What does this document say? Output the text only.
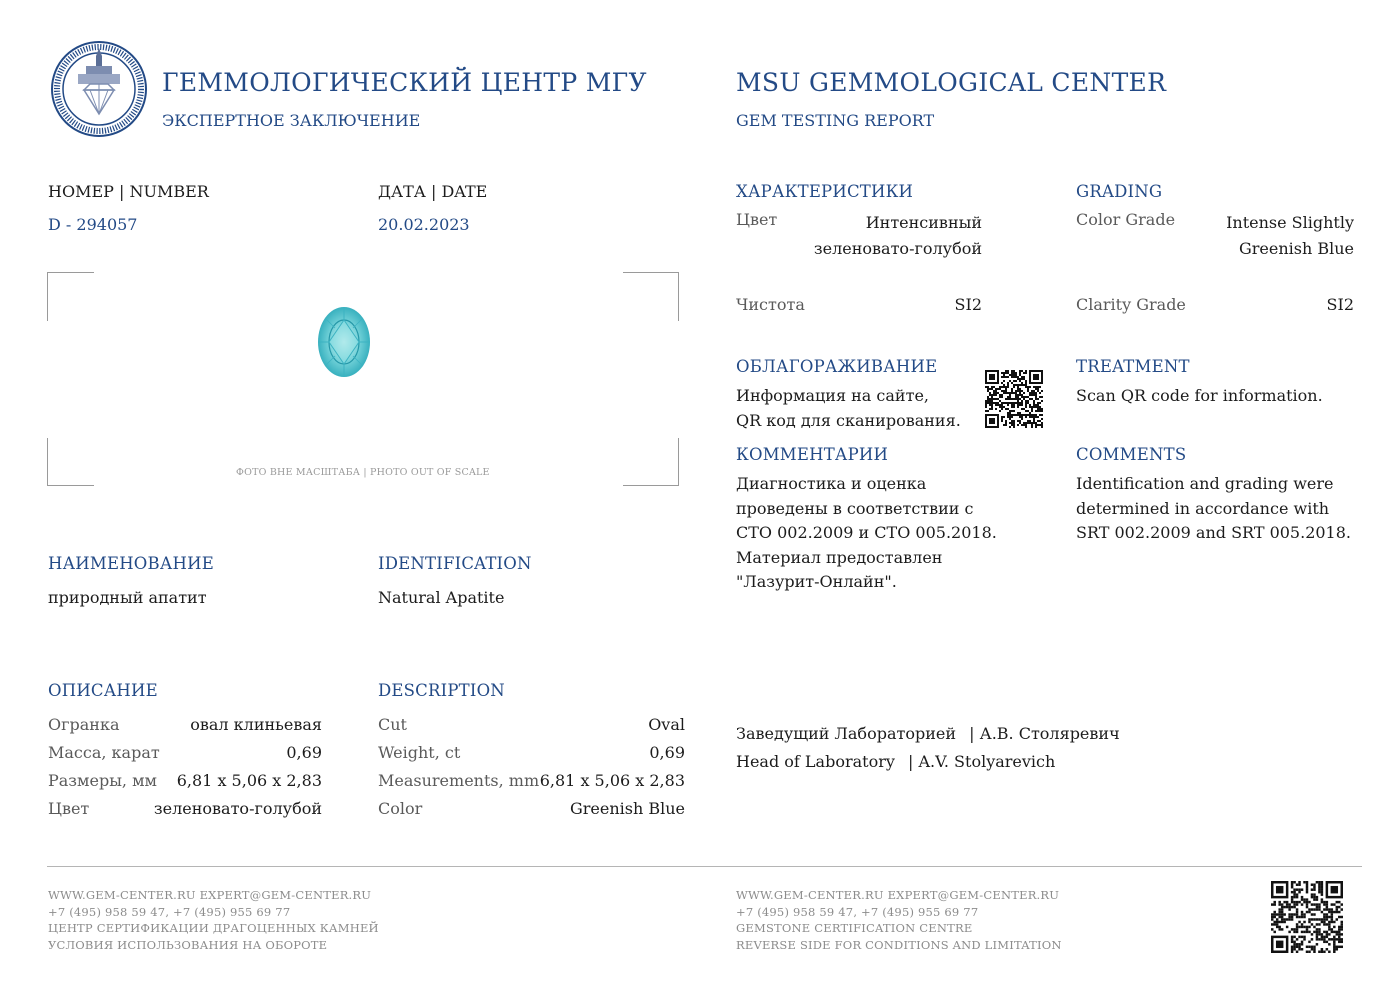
ГЕММОЛОГИЧЕСКИЙ ЦЕНТР МГУ
ЭКСПЕРТНОЕ ЗАКЛЮЧЕНИЕ
MSU GEMMOLOGICAL CENTER
GEM TESTING REPORT
НОМЕР | NUMBER
D - 294057
ДАТА | DATE
20.02.2023
ФОТО ВНЕ МАСШТАБА | PHOTO OUT OF SCALE
НАИМЕНОВАНИЕ
природный апатит
IDENTIFICATION
Natural Apatite
ОПИСАНИЕ	DESCRIPTION
Огранка	овал клиньевая
Масса, карат	0,69
Размеры, мм 6,81 x 5,06 x 2,83
Цвет	зеленовато-голубой
Cut	Oval
Weight, ct	0,69
Measurements, mm 6,81 x 5,06 x 2,83
Color	Greenish Blue
ХАРАКТЕРИСТИКИ
Цвет	Интенсивный
зеленовато-голубой
Чистота	SI2
GRADING
Color Grade	Intense Slightly
Greenish Blue
Clarity Grade	SI2
ОБЛАГОРАЖИВАНИЕ
Информация на сайте,
QR код для сканирования.
TREATMENT
Scan QR code for information.
КОММЕНТАРИИ
Диагностика и оценка
проведены в соответствии с
СТО 002.2009 и СТО 005.2018.
Материал предоставлен
"Лазурит-Онлайн".
COMMENTS
Identification and grading were
determined in accordance with
SRT 002.2009 and SRT 005.2018.
Заведущий Лабораторией | А.В. Столяревич
Head of Laboratory | A.V. Stolyarevich
WWW.GEM-CENTER.RU EXPERT@GEM-CENTER.RU
+7 (495) 958 59 47, +7 (495) 955 69 77
ЦЕНТР СЕРТИФИКАЦИИ ДРАГОЦЕННЫХ КАМНЕЙ
УСЛОВИЯ ИСПОЛЬЗОВАНИЯ НА ОБОРОТЕ
WWW.GEM-CENTER.RU EXPERT@GEM-CENTER.RU
+7 (495) 958 59 47, +7 (495) 955 69 77
GEMSTONE CERTIFICATION CENTRE
REVERSE SIDE FOR CONDITIONS AND LIMITATION
